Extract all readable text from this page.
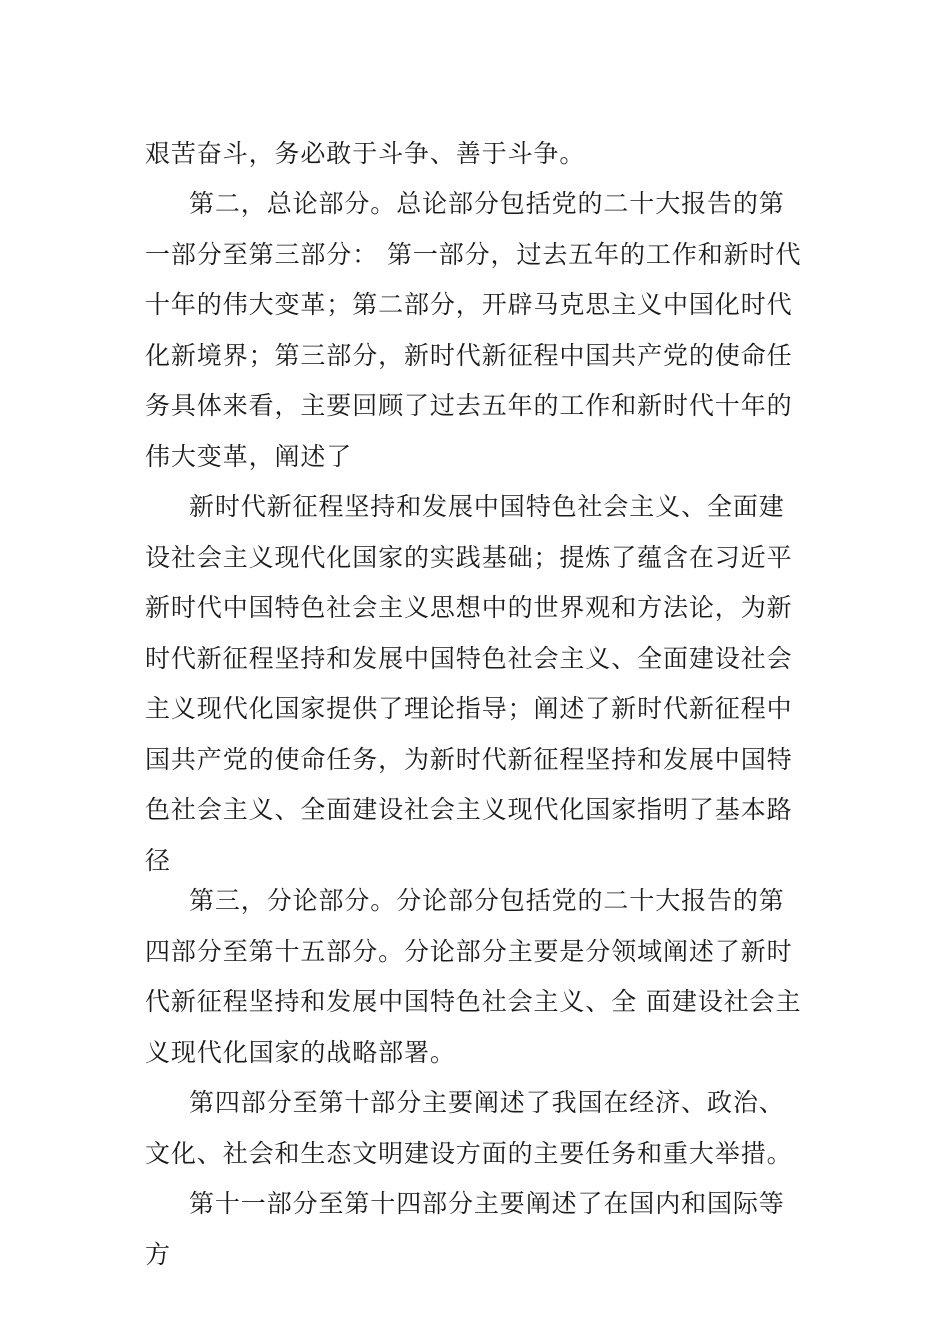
艰苦奋斗，务必敢于斗争、善于斗争。

第二，总论部分。总论部分包括党的二十大报告的第一部分至第三部分： 第一部分，过去五年的工作和新时代十年的伟大变革；第二部分，开辟马克思主义中国化时代化新境界；第三部分，新时代新征程中国共产党的使命任务具体来看，主要回顾了过去五年的工作和新时代十年的伟大变革，阐述了

新时代新征程坚持和发展中国特色社会主义、全面建设社会主义现代化国家的实践基础；提炼了蕴含在习近平新时代中国特色社会主义思想中的世界观和方法论，为新时代新征程坚持和发展中国特色社会主义、全面建设社会主义现代化国家提供了理论指导；阐述了新时代新征程中国共产党的使命任务，为新时代新征程坚持和发展中国特色社会主义、全面建设社会主义现代化国家指明了基本路径

第三，分论部分。分论部分包括党的二十大报告的第四部分至第十五部分。分论部分主要是分领域阐述了新时代新征程坚持和发展中国特色社会主义、全 面建设社会主义现代化国家的战略部署。

第四部分至第十部分主要阐述了我国在经济、政治、文化、社会和生态文明建设方面的主要任务和重大举措。

第十一部分至第十四部分主要阐述了在国内和国际等方
